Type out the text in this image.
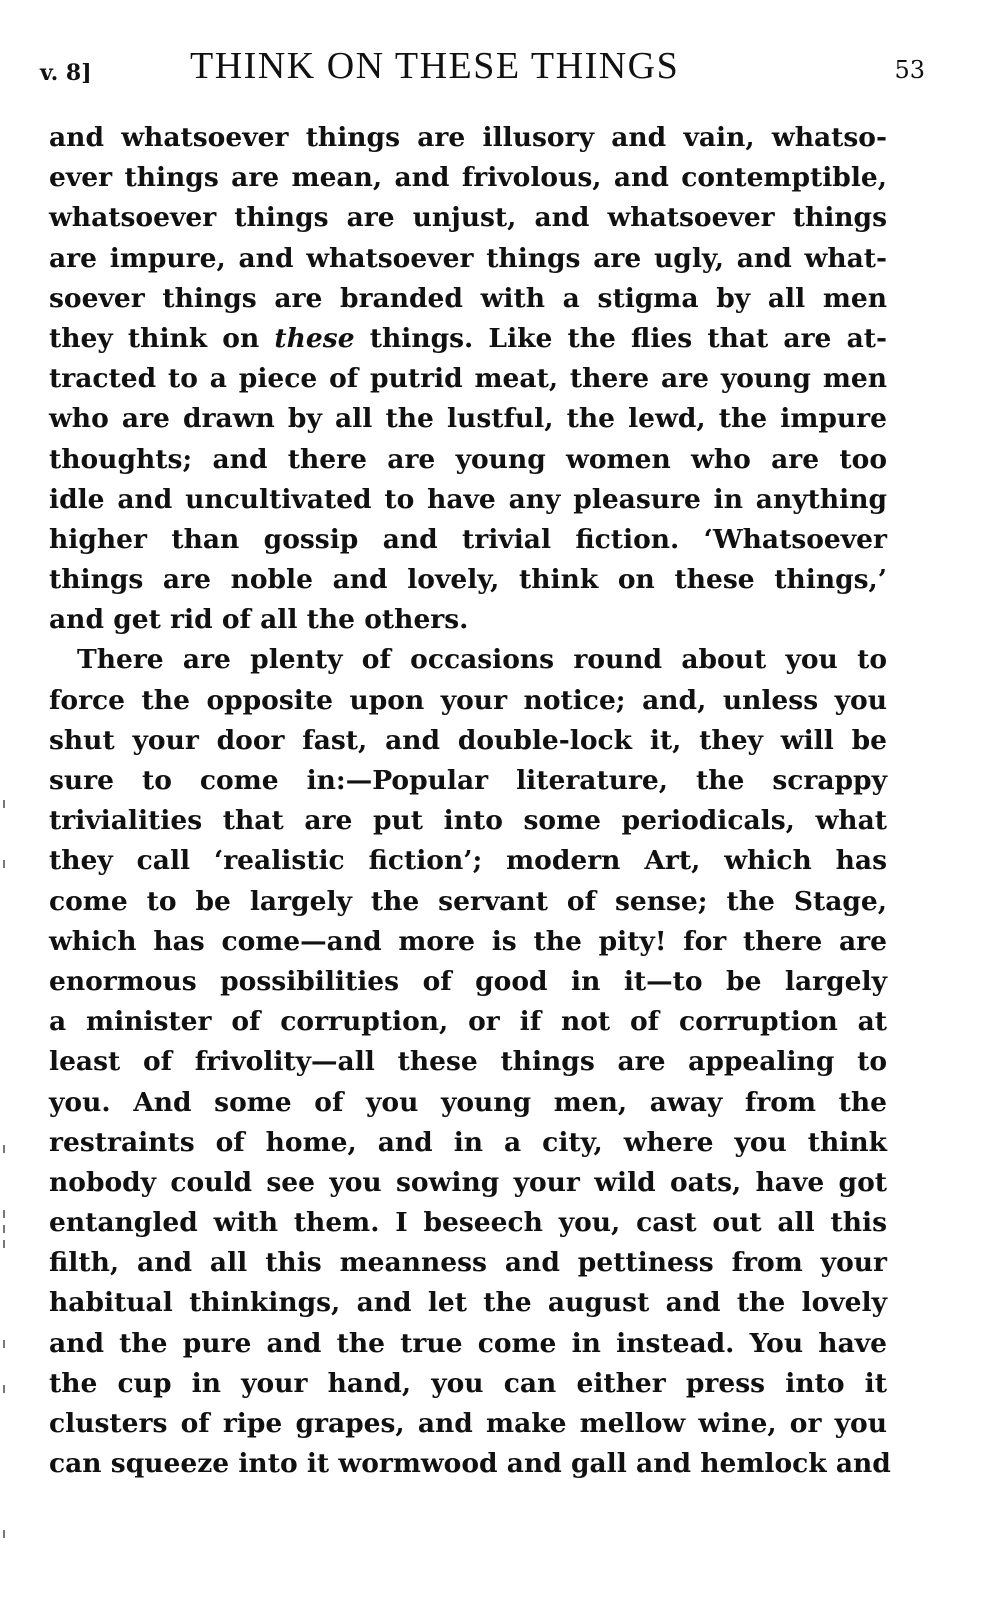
v. 8]	THINK ON THESE THINGS	53
and whatsoever things are illusory and vain, whatso-
ever things are mean, and frivolous, and contemptible,
whatsoever things are unjust, and whatsoever things
are impure, and whatsoever things are ugly, and what-
soever things are branded with a stigma by all men
they think on these things. Like the flies that are at-
tracted to a piece of putrid meat, there are young men
who are drawn by all the lustful, the lewd, the impure
thoughts; and there are young women who are too
idle and uncultivated to have any pleasure in anything
higher than gossip and trivial fiction. ‘Whatsoever
things are noble and lovely, think on these things,’
and get rid of all the others.
There are plenty of occasions round about you to
force the opposite upon your notice; and, unless you
shut your door fast, and double-lock it, they will be
sure to come in:—Popular literature, the scrappy
trivialities that are put into some periodicals, what
they call ‘realistic fiction’; modern Art, which has
come to be largely the servant of sense; the Stage,
which has come—and more is the pity! for there are
enormous possibilities of good in it—to be largely
a minister of corruption, or if not of corruption at
least of frivolity—all these things are appealing to
you. And some of you young men, away from the
restraints of home, and in a city, where you think
nobody could see you sowing your wild oats, have got
entangled with them. I beseech you, cast out all this
filth, and all this meanness and pettiness from your
habitual thinkings, and let the august and the lovely
and the pure and the true come in instead. You have
the cup in your hand, you can either press into it
clusters of ripe grapes, and make mellow wine, or you
can squeeze into it wormwood and gall and hemlock and
